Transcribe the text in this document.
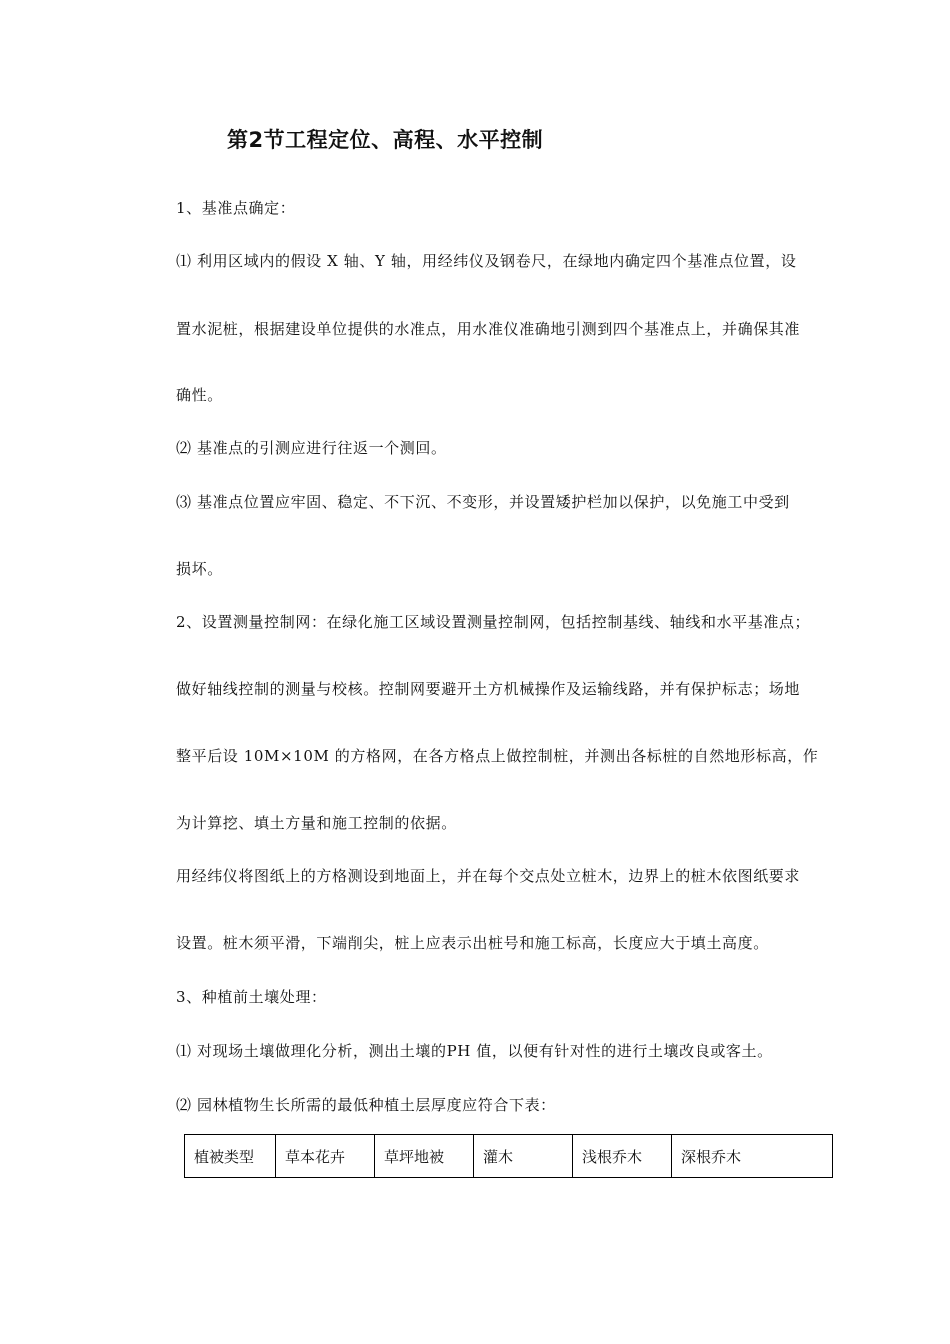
第2节工程定位、高程、水平控制
1、基准点确定：
⑴ 利用区域内的假设 X 轴、Y 轴，用经纬仪及钢卷尺，在绿地内确定四个基准点位置，设
置水泥桩，根据建设单位提供的水准点，用水准仪准确地引测到四个基准点上，并确保其准
确性。
⑵ 基准点的引测应进行往返一个测回。
⑶ 基准点位置应牢固、稳定、不下沉、不变形，并设置矮护栏加以保护，以免施工中受到
损坏。
2、设置测量控制网：在绿化施工区域设置测量控制网，包括控制基线、轴线和水平基准点；
做好轴线控制的测量与校核。控制网要避开土方机械操作及运输线路，并有保护标志；场地
整平后设 10M×10M 的方格网，在各方格点上做控制桩，并测出各标桩的自然地形标高，作
为计算挖、填土方量和施工控制的依据。
用经纬仪将图纸上的方格测设到地面上，并在每个交点处立桩木，边界上的桩木依图纸要求
设置。桩木须平滑，下端削尖，桩上应表示出桩号和施工标高，长度应大于填土高度。
3、种植前土壤处理：
⑴ 对现场土壤做理化分析，测出土壤的PH 值，以便有针对性的进行土壤改良或客土。
⑵ 园林植物生长所需的最低种植土层厚度应符合下表：
植被类型	草本花卉	草坪地被	灌木	浅根乔木	深根乔木
